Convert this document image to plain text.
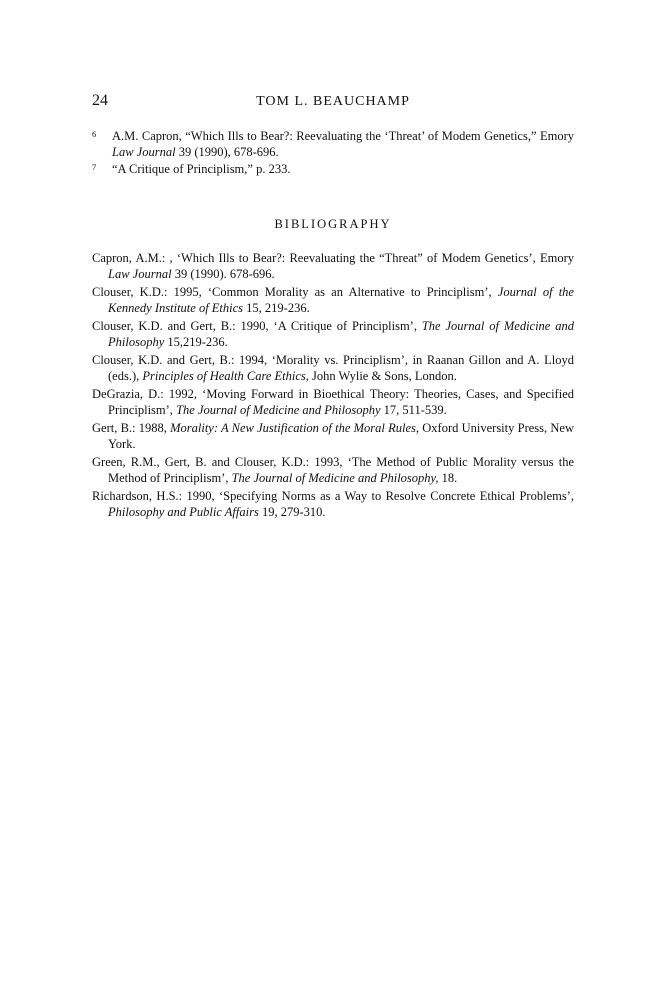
24	TOM L. BEAUCHAMP
6 A.M. Capron, “Which Ills to Bear?: Reevaluating the ‘Threat’ of Modem Genetics,” Emory Law Journal 39 (1990), 678-696.
7 “A Critique of Principlism,” p. 233.
BIBLIOGRAPHY
Capron, A.M.: , ‘Which Ills to Bear?: Reevaluating the “Threat” of Modem Genetics’, Emory Law Journal 39 (1990). 678-696.
Clouser, K.D.: 1995, ‘Common Morality as an Alternative to Principlism’, Journal of the Kennedy Institute of Ethics 15, 219-236.
Clouser, K.D. and Gert, B.: 1990, ‘A Critique of Principlism’, The Journal of Medicine and Philosophy 15,219-236.
Clouser, K.D. and Gert, B.: 1994, ‘Morality vs. Principlism’, in Raanan Gillon and A. Lloyd (eds.), Principles of Health Care Ethics, John Wylie & Sons, London.
DeGrazia, D.: 1992, ‘Moving Forward in Bioethical Theory: Theories, Cases, and Specified Principlism’, The Journal of Medicine and Philosophy 17, 511-539.
Gert, B.: 1988, Morality: A New Justification of the Moral Rules, Oxford University Press, New York.
Green, R.M., Gert, B. and Clouser, K.D.: 1993, ‘The Method of Public Morality versus the Method of Principlism’, The Journal of Medicine and Philosophy, 18.
Richardson, H.S.: 1990, ‘Specifying Norms as a Way to Resolve Concrete Ethical Problems’, Philosophy and Public Affairs 19, 279-310.
